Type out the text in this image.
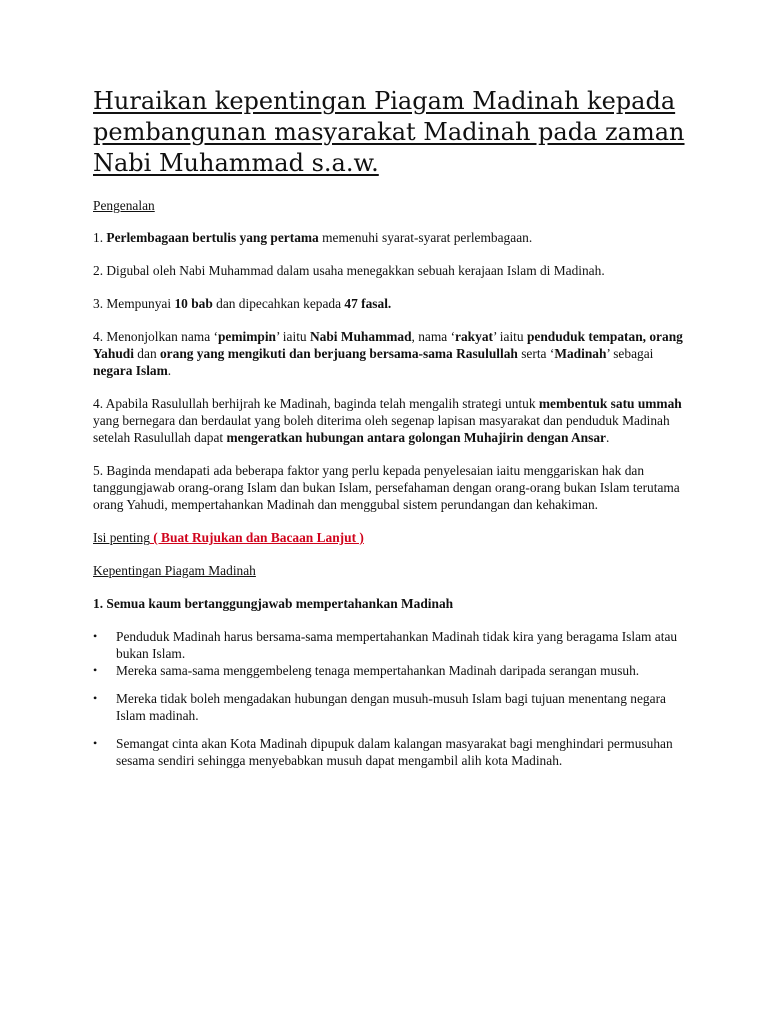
Huraikan kepentingan Piagam Madinah kepada pembangunan masyarakat Madinah pada zaman Nabi Muhammad s.a.w.

Pengenalan

1. Perlembagaan bertulis yang pertama memenuhi syarat-syarat perlembagaan.

2. Digubal oleh Nabi Muhammad dalam usaha menegakkan sebuah kerajaan Islam di Madinah.

3. Mempunyai 10 bab dan dipecahkan kepada 47 fasal.

4. Menonjolkan nama ‘pemimpin’ iaitu Nabi Muhammad, nama ‘rakyat’ iaitu penduduk tempatan, orang Yahudi dan orang yang mengikuti dan berjuang bersama-sama Rasulullah serta ‘Madinah’ sebagai negara Islam.

4. Apabila Rasulullah berhijrah ke Madinah, baginda telah mengalih strategi untuk membentuk satu ummah yang bernegara dan berdaulat yang boleh diterima oleh segenap lapisan masyarakat dan penduduk Madinah setelah Rasulullah dapat mengeratkan hubungan antara golongan Muhajirin dengan Ansar.

5. Baginda mendapati ada beberapa faktor yang perlu kepada penyelesaian iaitu menggariskan hak dan tanggungjawab orang-orang Islam dan bukan Islam, persefahaman dengan orang-orang bukan Islam terutama orang Yahudi, mempertahankan Madinah dan menggubal sistem perundangan dan kehakiman.

Isi penting ( Buat Rujukan dan Bacaan Lanjut )

Kepentingan Piagam Madinah

1. Semua kaum bertanggungjawab mempertahankan Madinah

• Penduduk Madinah harus bersama-sama mempertahankan Madinah tidak kira yang beragama Islam atau bukan Islam.
• Mereka sama-sama menggembeleng tenaga mempertahankan Madinah daripada serangan musuh.
• Mereka tidak boleh mengadakan hubungan dengan musuh-musuh Islam bagi tujuan menentang negara Islam madinah.
• Semangat cinta akan Kota Madinah dipupuk dalam kalangan masyarakat bagi menghindari permusuhan sesama sendiri sehingga menyebabkan musuh dapat mengambil alih kota Madinah.
